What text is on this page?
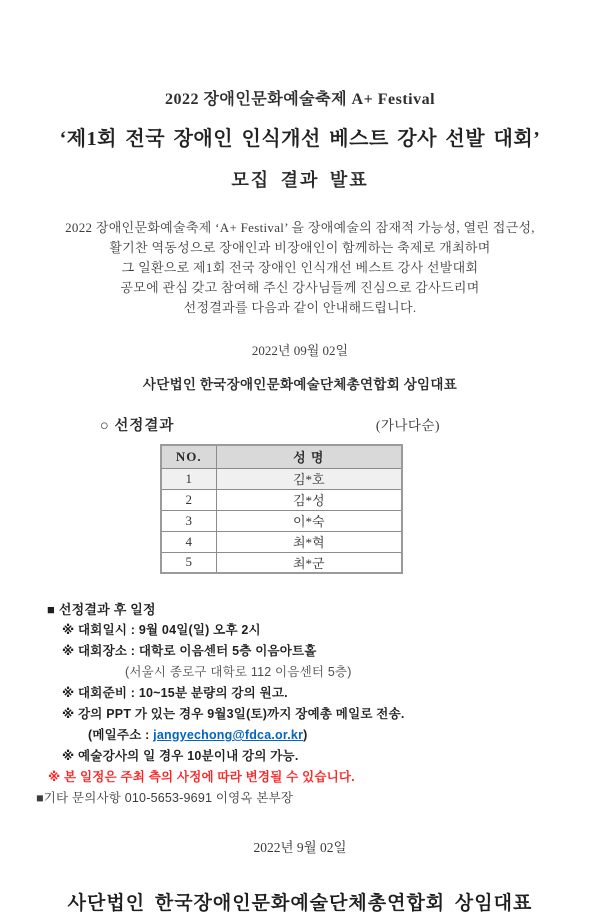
2022 장애인문화예술축제 A+ Festival
‘제1회 전국 장애인 인식개선 베스트 강사 선발 대회’
모집 결과 발표
2022 장애인문화예술축제 ‘A+ Festival’ 을 장애예술의 잠재적 가능성, 열린 접근성,
활기찬 역동성으로 장애인과 비장애인이 함께하는 축제로 개최하며
그 일환으로 제1회 전국 장애인 인식개선 베스트 강사 선발대회
공모에 관심 갖고 참여해 주신 강사님들께 진심으로 감사드리며
선정결과를 다음과 같이 안내해드립니다.
2022년 09월 02일
사단법인 한국장애인문화예술단체총연합회 상임대표
○ 선정결과	(가나다순)
NO.	성 명
1	김*호
2	김*성
3	이*숙
4	최*혁
5	최*군
■ 선정결과 후 일정
※ 대회일시 : 9월 04일(일) 오후 2시
※ 대회장소 : 대학로 이음센터 5층 이음아트홀
(서울시 종로구 대학로 112 이음센터 5층)
※ 대회준비 : 10~15분 분량의 강의 원고.
※ 강의 PPT 가 있는 경우 9월3일(토)까지 장예총 메일로 전송.
(메일주소 : jangyechong@fdca.or.kr)
※ 예술강사의 일 경우 10분이내 강의 가능.
※ 본 일정은 주최 측의 사정에 따라 변경될 수 있습니다.
■기타 문의사항 010-5653-9691 이영옥 본부장
2022년 9월 02일
사단법인 한국장애인문화예술단체총연합회 상임대표
